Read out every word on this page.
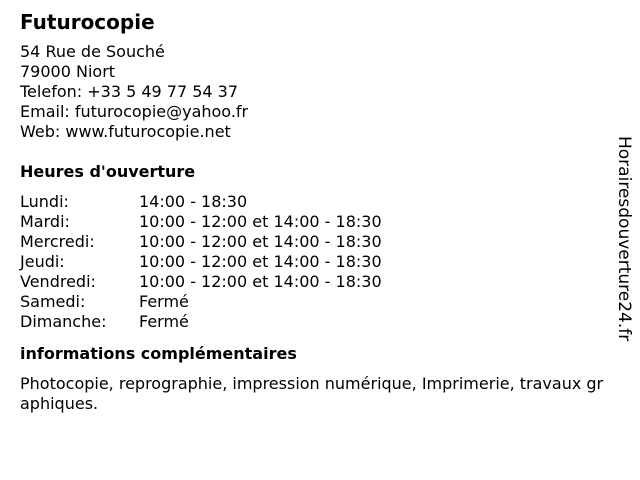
Futurocopie
54 Rue de Souché
79000 Niort
Telefon: +33 5 49 77 54 37
Email: futurocopie@yahoo.fr
Web: www.futurocopie.net
Heures d'ouverture
Lundi:	14:00 - 18:30
Mardi:	10:00 - 12:00 et 14:00 - 18:30
Mercredi:	10:00 - 12:00 et 14:00 - 18:30
Jeudi:	10:00 - 12:00 et 14:00 - 18:30
Vendredi:	10:00 - 12:00 et 14:00 - 18:30
Samedi:	Fermé
Dimanche: Fermé
informations complémentaires
Photocopie, reprographie, impression numérique, Imprimerie, travaux graphiques.
Horairesdouverture24.fr
